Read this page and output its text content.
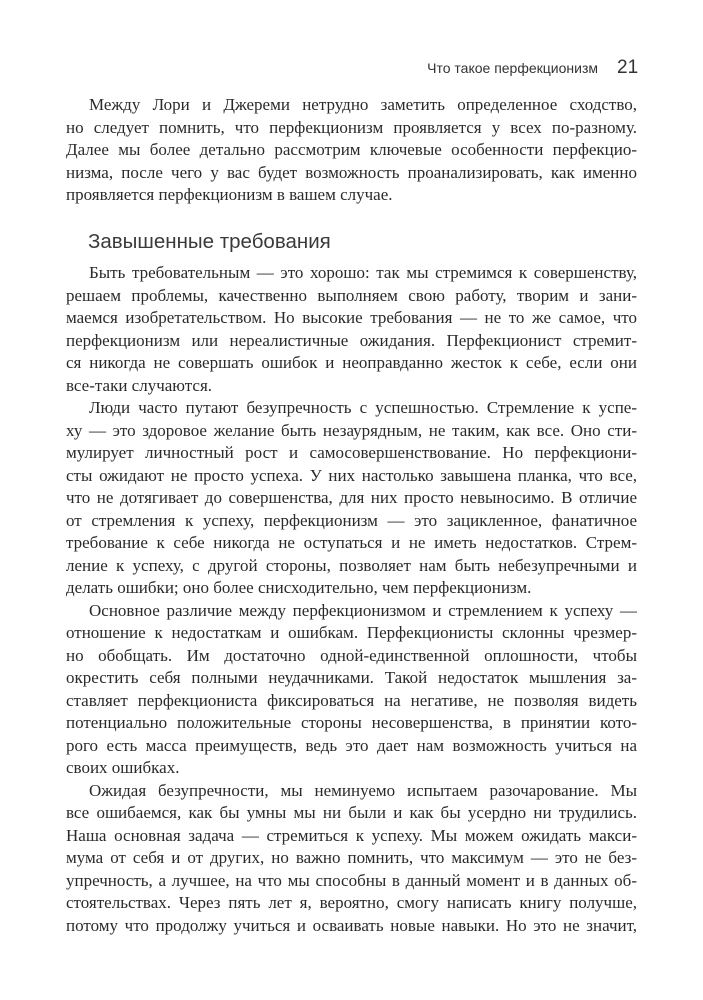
Что такое перфекционизм 21
Между Лори и Джереми нетрудно заметить определенное сходство,
но следует помнить, что перфекционизм проявляется у всех по-разному.
Далее мы более детально рассмотрим ключевые особенности перфекцио-
низма, после чего у вас будет возможность проанализировать, как именно
проявляется перфекционизм в вашем случае.
Завышенные требования
Быть требовательным — это хорошо: так мы стремимся к совершенству,
решаем проблемы, качественно выполняем свою работу, творим и зани-
маемся изобретательством. Но высокие требования — не то же самое, что
перфекционизм или нереалистичные ожидания. Перфекционист стремит-
ся никогда не совершать ошибок и неоправданно жесток к себе, если они
все-таки случаются.
Люди часто путают безупречность с успешностью. Стремление к успе-
ху — это здоровое желание быть незаурядным, не таким, как все. Оно сти-
мулирует личностный рост и самосовершенствование. Но перфекциони-
сты ожидают не просто успеха. У них настолько завышена планка, что все,
что не дотягивает до совершенства, для них просто невыносимо. В отличие
от стремления к успеху, перфекционизм — это зацикленное, фанатичное
требование к себе никогда не оступаться и не иметь недостатков. Стрем-
ление к успеху, с другой стороны, позволяет нам быть небезупречными и
делать ошибки; оно более снисходительно, чем перфекционизм.
Основное различие между перфекционизмом и стремлением к успеху —
отношение к недостаткам и ошибкам. Перфекционисты склонны чрезмер-
но обобщать. Им достаточно одной-единственной оплошности, чтобы
окрестить себя полными неудачниками. Такой недостаток мышления за-
ставляет перфекциониста фиксироваться на негативе, не позволяя видеть
потенциально положительные стороны несовершенства, в принятии кото-
рого есть масса преимуществ, ведь это дает нам возможность учиться на
своих ошибках.
Ожидая безупречности, мы неминуемо испытаем разочарование. Мы
все ошибаемся, как бы умны мы ни были и как бы усердно ни трудились.
Наша основная задача — стремиться к успеху. Мы можем ожидать макси-
мума от себя и от других, но важно помнить, что максимум — это не без-
упречность, а лучшее, на что мы способны в данный момент и в данных об-
стоятельствах. Через пять лет я, вероятно, смогу написать книгу получше,
потому что продолжу учиться и осваивать новые навыки. Но это не значит,
